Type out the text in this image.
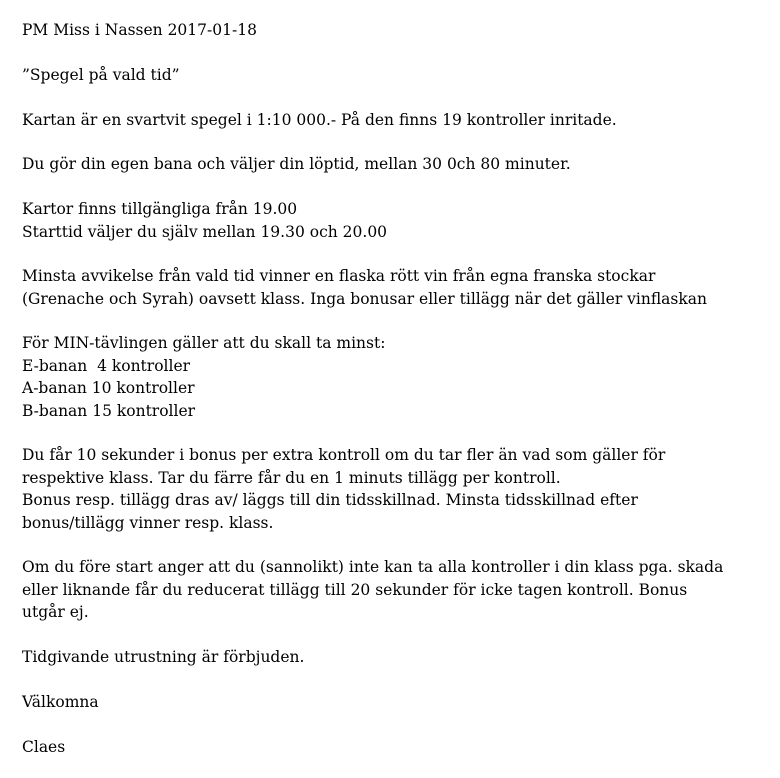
PM Miss i Nassen 2017-01-18
”Spegel på vald tid”
Kartan är en svartvit spegel i 1:10 000.- På den finns 19 kontroller inritade.
Du gör din egen bana och väljer din löptid, mellan 30 0ch 80 minuter.
Kartor finns tillgängliga från 19.00
Starttid väljer du själv mellan 19.30 och 20.00
Minsta avvikelse från vald tid vinner en flaska rött vin från egna franska stockar
(Grenache och Syrah) oavsett klass. Inga bonusar eller tillägg när det gäller vinflaskan
För MIN-tävlingen gäller att du skall ta minst:
E-banan  4 kontroller
A-banan 10 kontroller
B-banan 15 kontroller
Du får 10 sekunder i bonus per extra kontroll om du tar fler än vad som gäller för
respektive klass. Tar du färre får du en 1 minuts tillägg per kontroll.
Bonus resp. tillägg dras av/ läggs till din tidsskillnad. Minsta tidsskillnad efter
bonus/tillägg vinner resp. klass.
Om du före start anger att du (sannolikt) inte kan ta alla kontroller i din klass pga. skada
eller liknande får du reducerat tillägg till 20 sekunder för icke tagen kontroll. Bonus
utgår ej.
Tidgivande utrustning är förbjuden.
Välkomna
Claes
